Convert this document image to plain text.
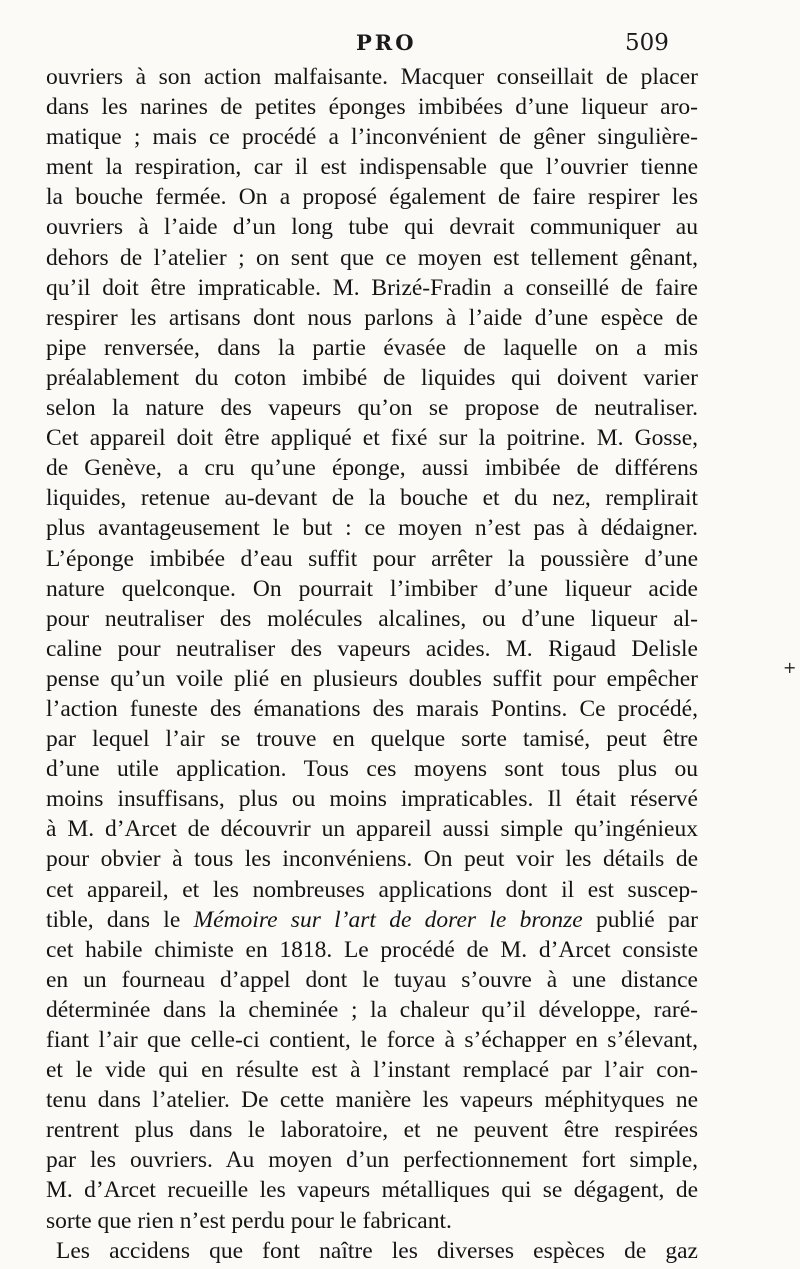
PRO	509
ouvriers à son action malfaisante. Macquer conseillait de placer
dans les narines de petites éponges imbibées d’une liqueur aro-
matique ; mais ce procédé a l’inconvénient de gêner singulière-
ment la respiration, car il est indispensable que l’ouvrier tienne
la bouche fermée. On a proposé également de faire respirer les
ouvriers à l’aide d’un long tube qui devrait communiquer au
dehors de l’atelier ; on sent que ce moyen est tellement gênant,
qu’il doit être impraticable. M. Brizé-Fradin a conseillé de faire
respirer les artisans dont nous parlons à l’aide d’une espèce de
pipe renversée, dans la partie évasée de laquelle on a mis
préalablement du coton imbibé de liquides qui doivent varier
selon la nature des vapeurs qu’on se propose de neutraliser.
Cet appareil doit être appliqué et fixé sur la poitrine. M. Gosse,
de Genève, a cru qu’une éponge, aussi imbibée de différens
liquides, retenue au-devant de la bouche et du nez, remplirait
plus avantageusement le but : ce moyen n’est pas à dédaigner.
L’éponge imbibée d’eau suffit pour arrêter la poussière d’une
nature quelconque. On pourrait l’imbiber d’une liqueur acide
pour neutraliser des molécules alcalines, ou d’une liqueur al-
caline pour neutraliser des vapeurs acides. M. Rigaud Delisle
pense qu’un voile plié en plusieurs doubles suffit pour empêcher
l’action funeste des émanations des marais Pontins. Ce procédé,
par lequel l’air se trouve en quelque sorte tamisé, peut être
d’une utile application. Tous ces moyens sont tous plus ou
moins insuffisans, plus ou moins impraticables. Il était réservé
à M. d’Arcet de découvrir un appareil aussi simple qu’ingénieux
pour obvier à tous les inconvéniens. On peut voir les détails de
cet appareil, et les nombreuses applications dont il est suscep-
tible, dans le Mémoire sur l’art de dorer le bronze publié par
cet habile chimiste en 1818. Le procédé de M. d’Arcet consiste
en un fourneau d’appel dont le tuyau s’ouvre à une distance
déterminée dans la cheminée ; la chaleur qu’il développe, raré-
fiant l’air que celle-ci contient, le force à s’échapper en s’élevant,
et le vide qui en résulte est à l’instant remplacé par l’air con-
tenu dans l’atelier. De cette manière les vapeurs méphityques ne
rentrent plus dans le laboratoire, et ne peuvent être respirées
par les ouvriers. Au moyen d’un perfectionnement fort simple,
M. d’Arcet recueille les vapeurs métalliques qui se dégagent, de
sorte que rien n’est perdu pour le fabricant.
Les accidens que font naître les diverses espèces de gaz
+
